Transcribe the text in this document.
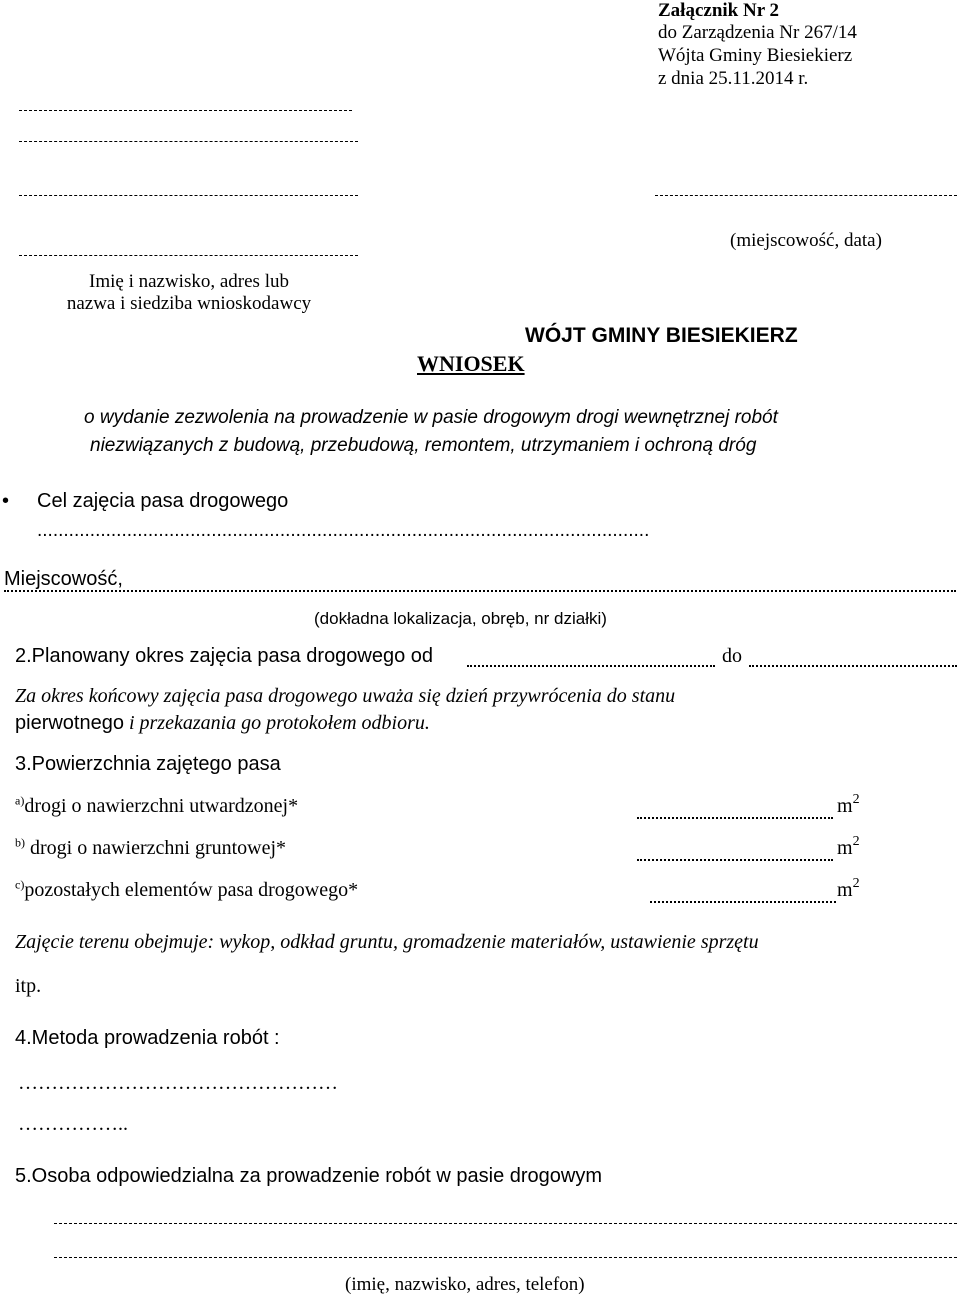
Załącznik Nr 2
do Zarządzenia Nr 267/14
Wójta Gminy Biesiekierz
z dnia 25.11.2014 r.
(miejscowość, data)
Imię i nazwisko, adres lub
nazwa i siedziba wnioskodawcy
WÓJT GMINY BIESIEKIERZ
WNIOSEK
o wydanie zezwolenia na prowadzenie w pasie drogowym drogi wewnętrznej robót
niezwiązanych z budową, przebudową, remontem, utrzymaniem i ochroną dróg
• Cel zajęcia pasa drogowego
....................................................................................................................
Miejscowość,
(dokładna lokalizacja, obręb, nr działki)
2.Planowany okres zajęcia pasa drogowego od	do
Za okres końcowy zajęcia pasa drogowego uważa się dzień przywrócenia do stanu
pierwotnego i przekazania go protokołem odbioru.
3.Powierzchnia zajętego pasa
$^{a)}$drogi o nawierzchni utwardzonej*	$m^2$
$^{b)}$ drogi o nawierzchni gruntowej*	$m^2$
$^{c)}$pozostałych elementów pasa drogowego*	$m^2$
Zajęcie terenu obejmuje: wykop, odkład gruntu, gromadzenie materiałów, ustawienie sprzętu
itp.
4.Metoda prowadzenia robót :
…………………………………………
……………..
5.Osoba odpowiedzialna za prowadzenie robót w pasie drogowym
(imię, nazwisko, adres, telefon)
